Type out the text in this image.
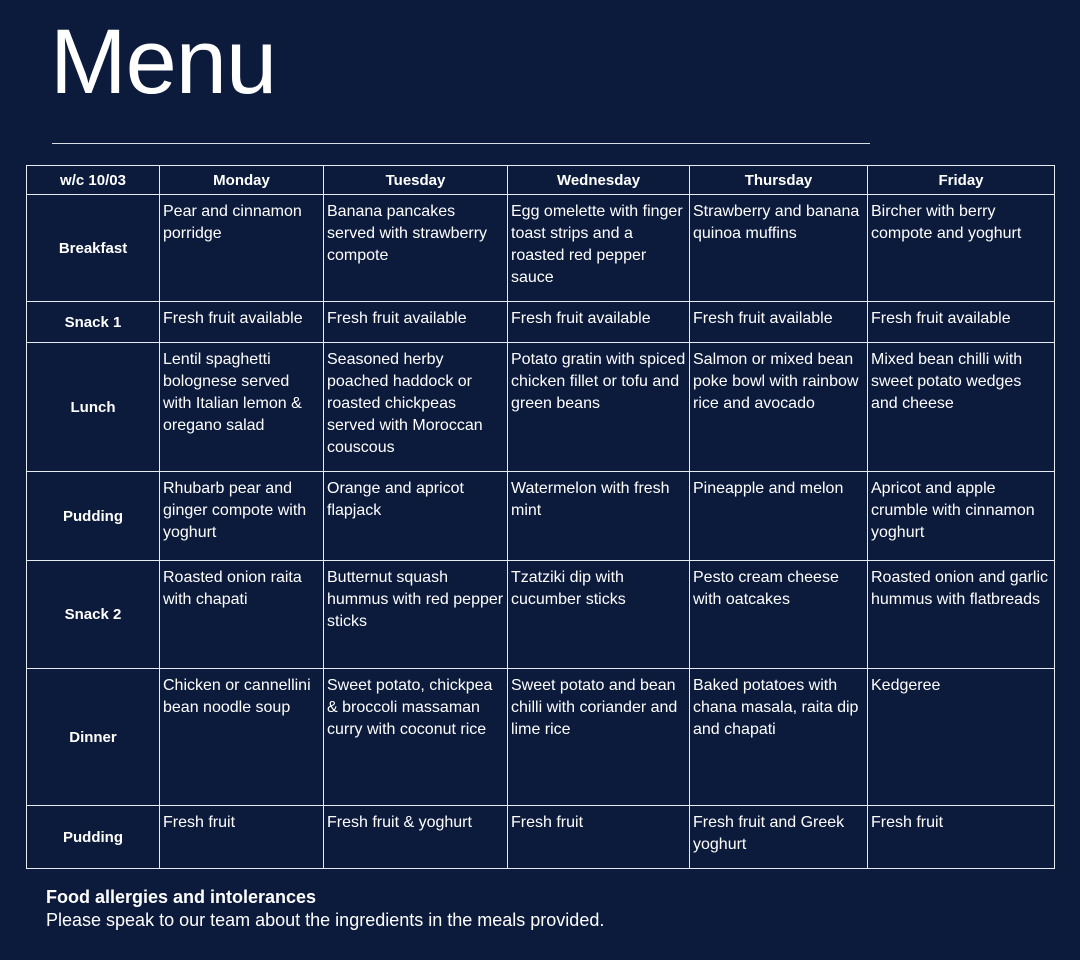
Menu
w/c 10/03	Monday	Tuesday	Wednesday	Thursday	Friday
Breakfast	Pear and cinnamon porridge	Banana pancakes served with strawberry compote	Egg omelette with finger toast strips and a roasted red pepper sauce	Strawberry and banana quinoa muffins	Bircher with berry compote and yoghurt
Snack 1	Fresh fruit available	Fresh fruit available	Fresh fruit available	Fresh fruit available	Fresh fruit available
Lunch	Lentil spaghetti bolognese served with Italian lemon & oregano salad	Seasoned herby poached haddock or roasted chickpeas served with Moroccan couscous	Potato gratin with spiced chicken fillet or tofu and green beans	Salmon or mixed bean poke bowl with rainbow rice and avocado	Mixed bean chilli with sweet potato wedges and cheese
Pudding	Rhubarb pear and ginger compote with yoghurt	Orange and apricot flapjack	Watermelon with fresh mint	Pineapple and melon	Apricot and apple crumble with cinnamon yoghurt
Snack 2	Roasted onion raita with chapati	Butternut squash hummus with red pepper sticks	Tzatziki dip with cucumber sticks	Pesto cream cheese with oatcakes	Roasted onion and garlic hummus with flatbreads
Dinner	Chicken or cannellini bean noodle soup	Sweet potato, chickpea & broccoli massaman curry with coconut rice	Sweet potato and bean chilli with coriander and lime rice	Baked potatoes with chana masala, raita dip and chapati	Kedgeree
Pudding	Fresh fruit	Fresh fruit & yoghurt	Fresh fruit	Fresh fruit and Greek yoghurt	Fresh fruit
Food allergies and intolerances
Please speak to our team about the ingredients in the meals provided.
